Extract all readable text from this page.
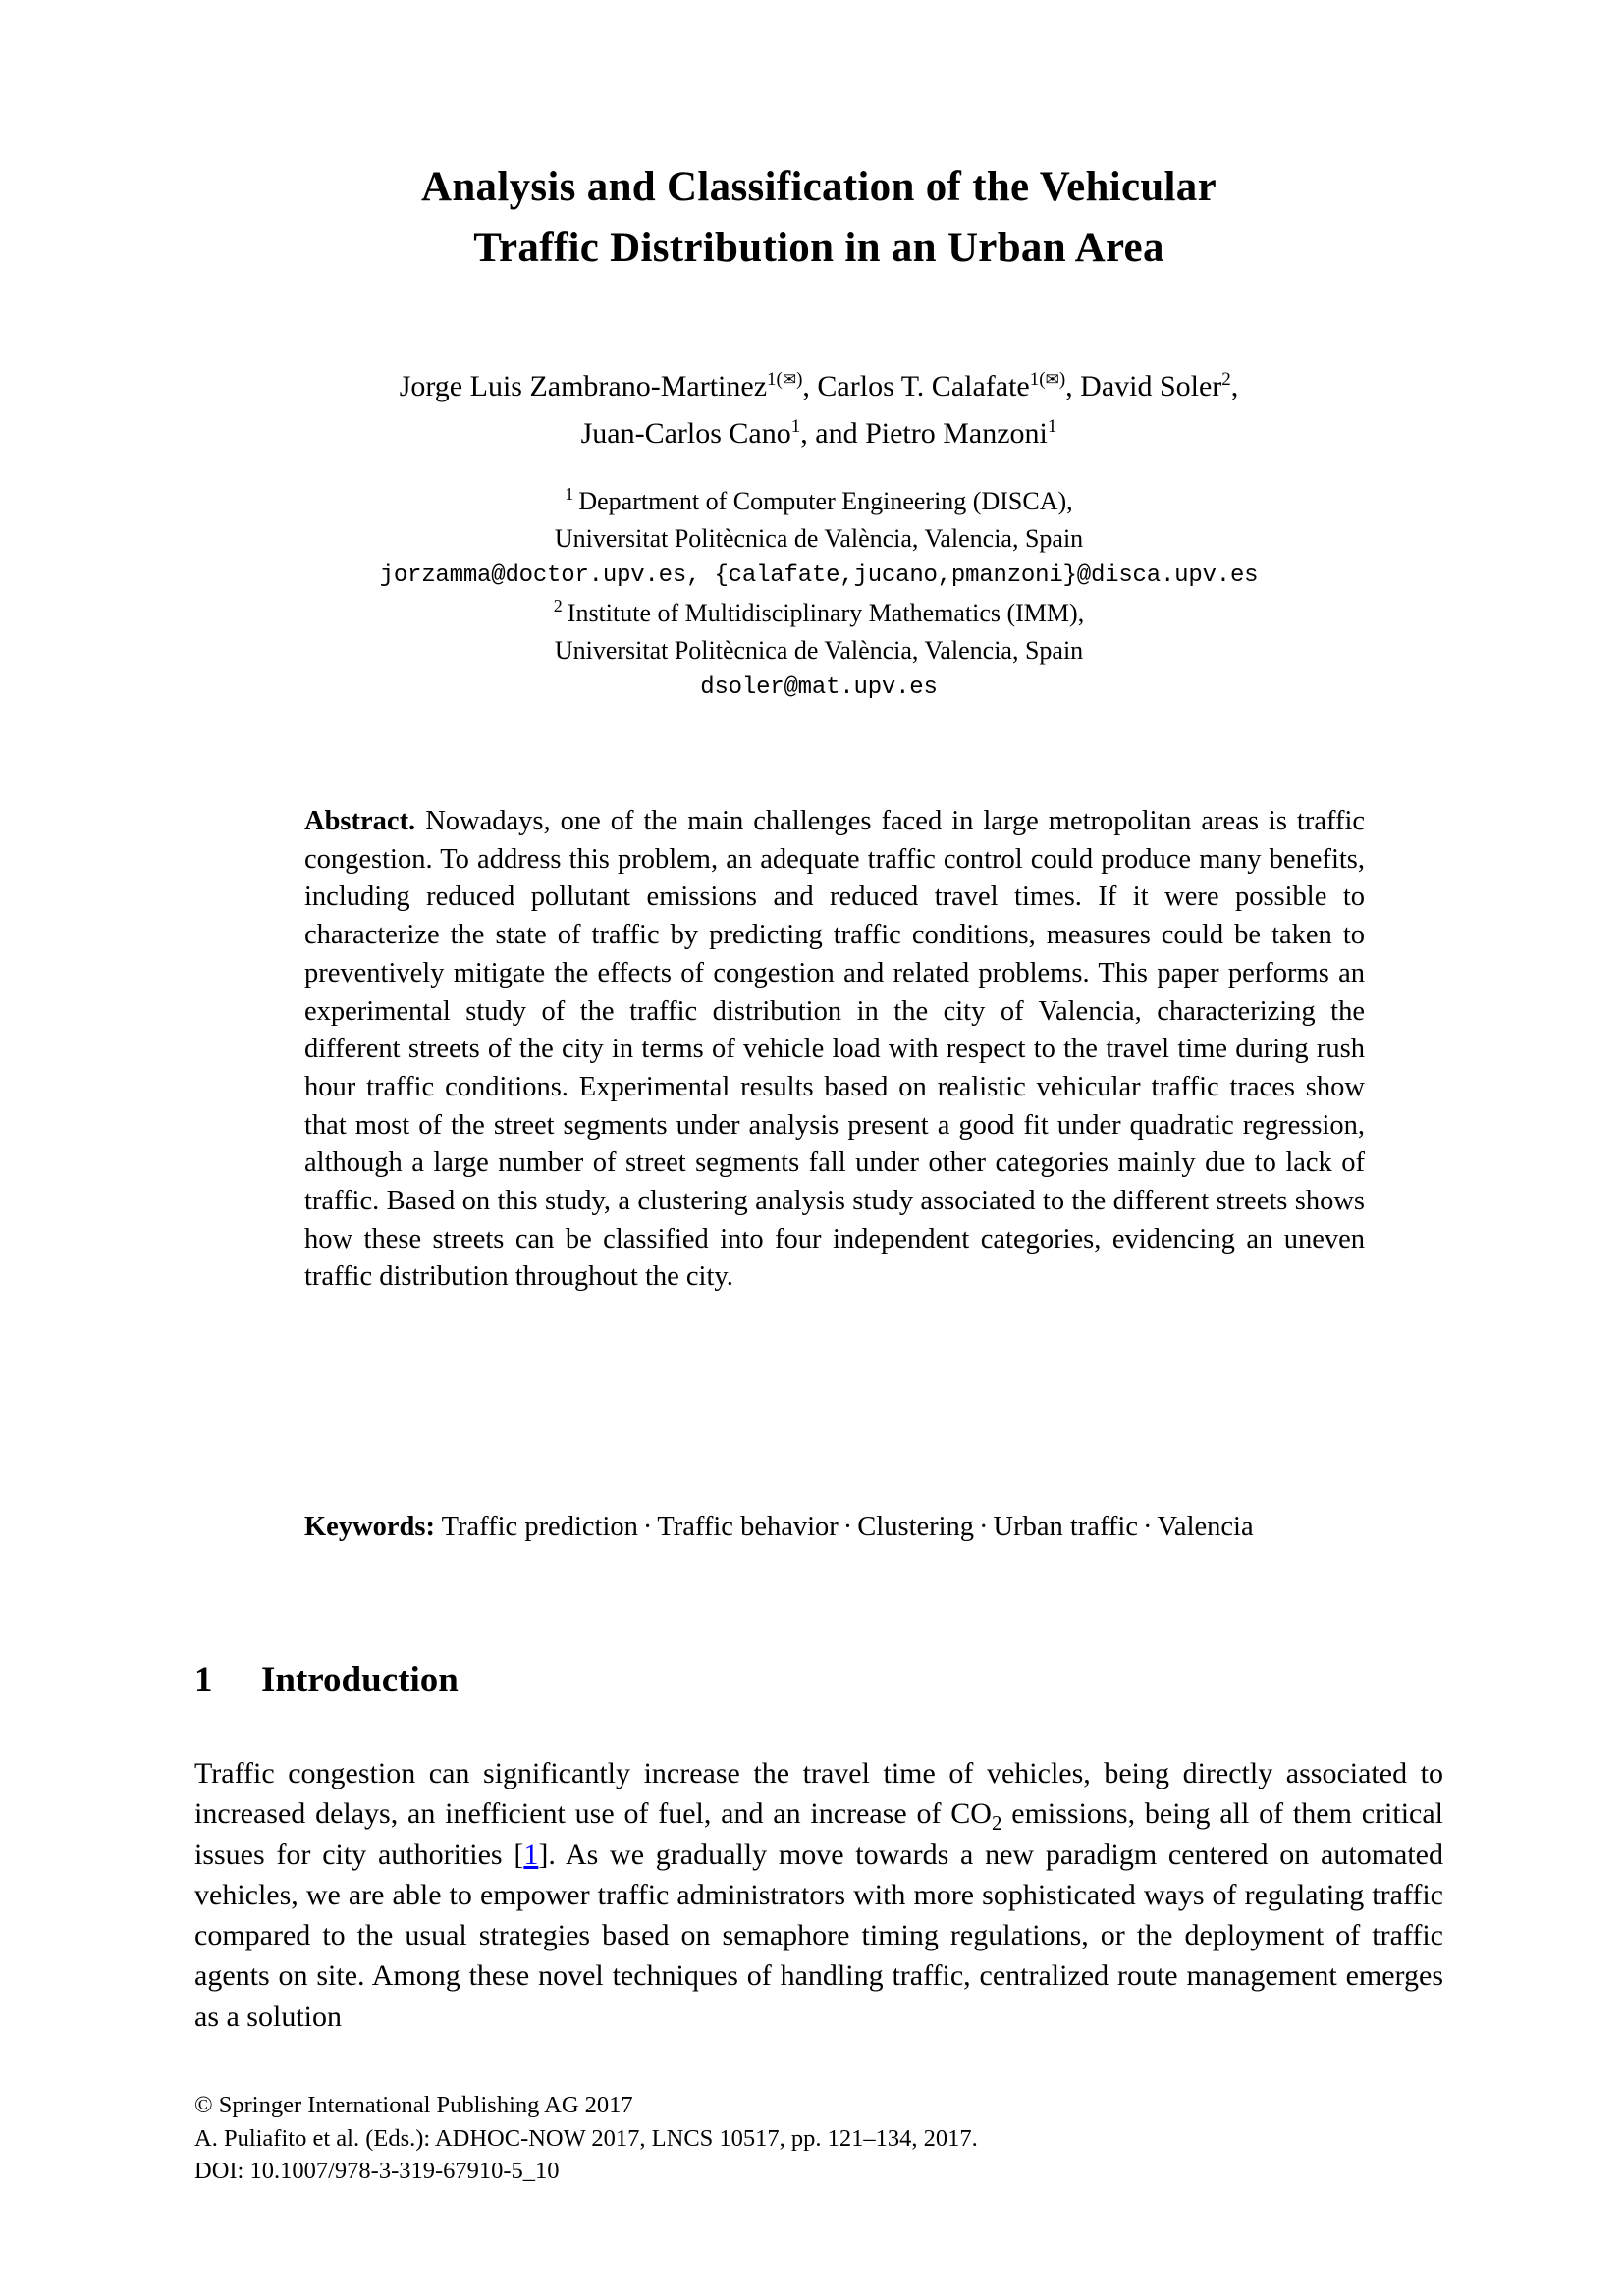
Analysis and Classification of the Vehicular
Traffic Distribution in an Urban Area
Jorge Luis Zambrano-Martinez$^{1(✉)}$, Carlos T. Calafate$^{1(✉)}$, David Soler$^2$,
Juan-Carlos Cano$^1$, and Pietro Manzoni$^1$
$^1$ Department of Computer Engineering (DISCA),
Universitat Politècnica de València, Valencia, Spain
jorzamma@doctor.upv.es, {calafate,jucano,pmanzoni}@disca.upv.es
$^2$ Institute of Multidisciplinary Mathematics (IMM),
Universitat Politècnica de València, Valencia, Spain
dsoler@mat.upv.es

Abstract. Nowadays, one of the main challenges faced in large metropolitan areas is traffic congestion. To address this problem, an adequate traffic control could produce many benefits, including reduced pollutant emissions and reduced travel times. If it were possible to characterize the state of traffic by predicting traffic conditions, measures could be taken to preventively mitigate the effects of congestion and related problems. This paper performs an experimental study of the traffic distribution in the city of Valencia, characterizing the different streets of the city in terms of vehicle load with respect to the travel time during rush hour traffic conditions. Experimental results based on realistic vehicular traffic traces show that most of the street segments under analysis present a good fit under quadratic regression, although a large number of street segments fall under other categories mainly due to lack of traffic. Based on this study, a clustering analysis study associated to the different streets shows how these streets can be classified into four independent categories, evidencing an uneven traffic distribution throughout the city.

Keywords: Traffic prediction · Traffic behavior · Clustering · Urban traffic · Valencia

1 Introduction

Traffic congestion can significantly increase the travel time of vehicles, being directly associated to increased delays, an inefficient use of fuel, and an increase of $CO_2$ emissions, being all of them critical issues for city authorities [1]. As we gradually move towards a new paradigm centered on automated vehicles, we are able to empower traffic administrators with more sophisticated ways of regulating traffic compared to the usual strategies based on semaphore timing regulations, or the deployment of traffic agents on site. Among these novel techniques of handling traffic, centralized route management emerges as a solution

© Springer International Publishing AG 2017
A. Puliafito et al. (Eds.): ADHOC-NOW 2017, LNCS 10517, pp. 121–134, 2017.
DOI: 10.1007/978-3-319-67910-5_10
